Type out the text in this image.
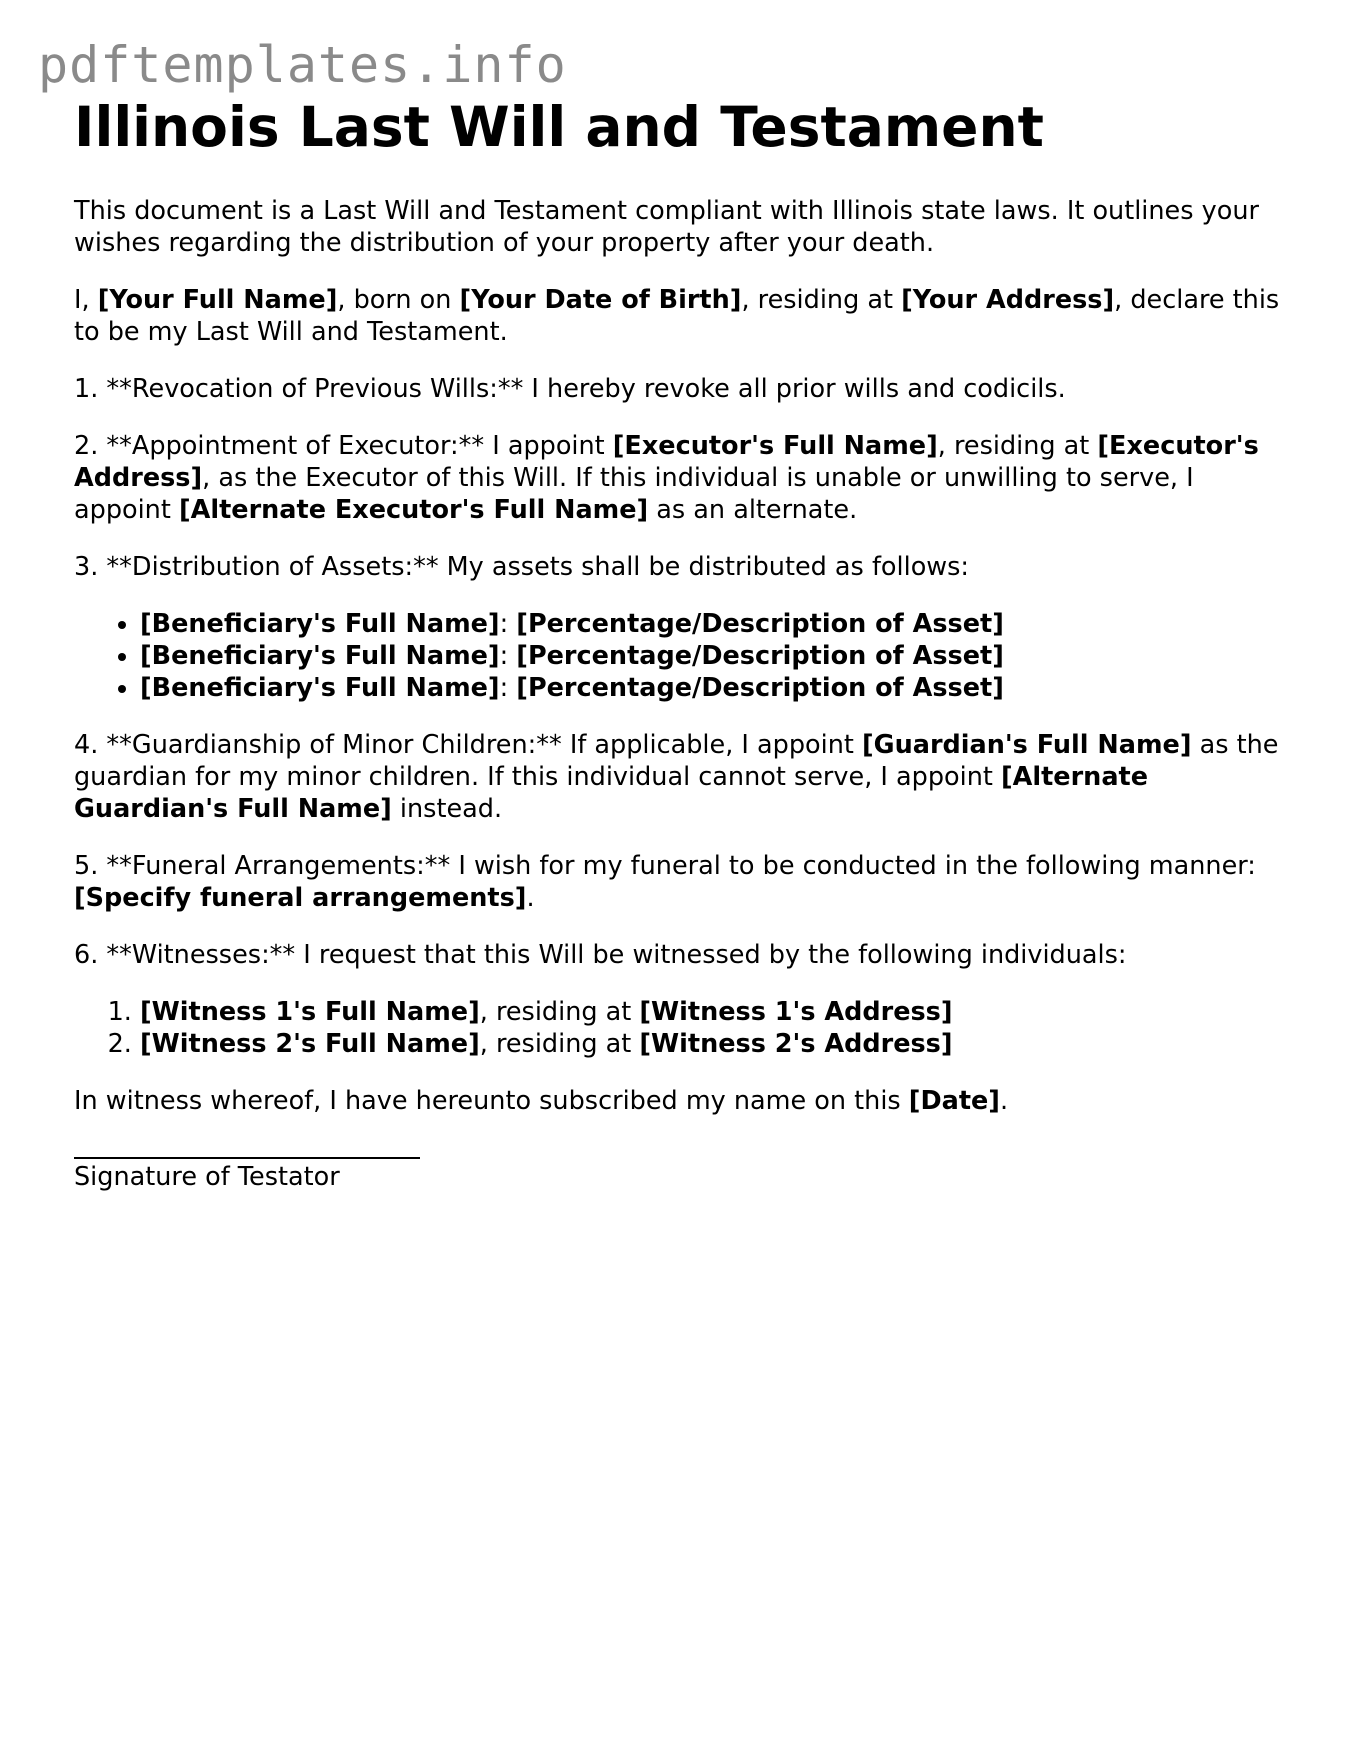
pdftemplates.info
Illinois Last Will and Testament

This document is a Last Will and Testament compliant with Illinois state laws. It outlines your wishes regarding the distribution of your property after your death.

I, [Your Full Name], born on [Your Date of Birth], residing at [Your Address], declare this to be my Last Will and Testament.

1. **Revocation of Previous Wills:** I hereby revoke all prior wills and codicils.

2. **Appointment of Executor:** I appoint [Executor's Full Name], residing at [Executor's Address], as the Executor of this Will. If this individual is unable or unwilling to serve, I appoint [Alternate Executor's Full Name] as an alternate.

3. **Distribution of Assets:** My assets shall be distributed as follows:

• [Beneficiary's Full Name]: [Percentage/Description of Asset]
• [Beneficiary's Full Name]: [Percentage/Description of Asset]
• [Beneficiary's Full Name]: [Percentage/Description of Asset]

4. **Guardianship of Minor Children:** If applicable, I appoint [Guardian's Full Name] as the guardian for my minor children. If this individual cannot serve, I appoint [Alternate Guardian's Full Name] instead.

5. **Funeral Arrangements:** I wish for my funeral to be conducted in the following manner: [Specify funeral arrangements].

6. **Witnesses:** I request that this Will be witnessed by the following individuals:

1. [Witness 1's Full Name], residing at [Witness 1's Address]
2. [Witness 2's Full Name], residing at [Witness 2's Address]

In witness whereof, I have hereunto subscribed my name on this [Date].

Signature of Testator
